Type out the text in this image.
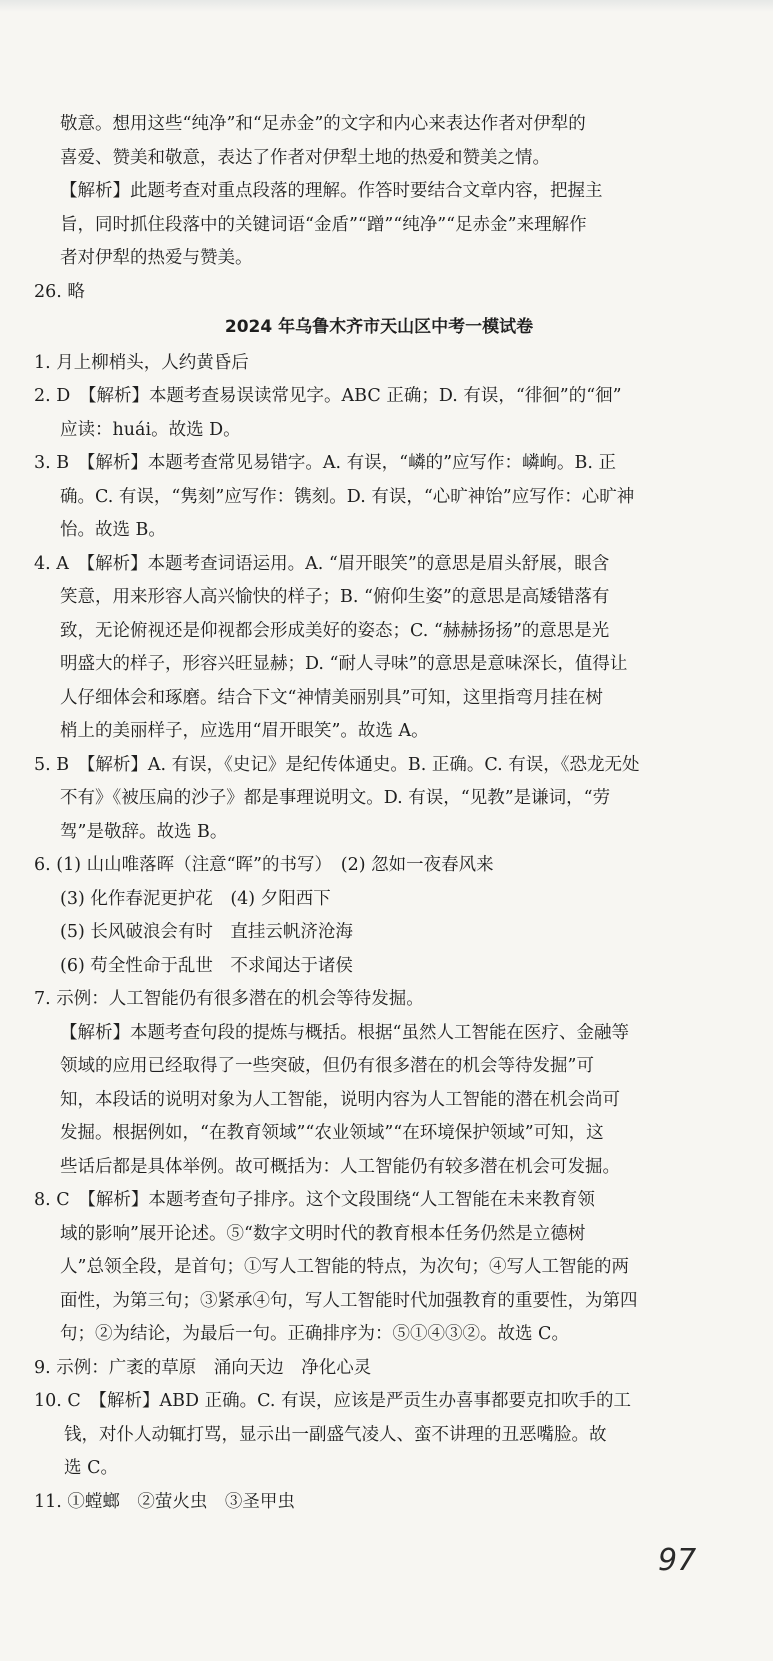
敬意。想用这些“纯净”和“足赤金”的文字和内心来表达作者对伊犁的
喜爱、赞美和敬意，表达了作者对伊犁土地的热爱和赞美之情。
【解析】此题考查对重点段落的理解。作答时要结合文章内容，把握主
旨，同时抓住段落中的关键词语“金盾”“蹭”“纯净”“足赤金”来理解作
者对伊犁的热爱与赞美。
26. 略
2024 年乌鲁木齐市天山区中考一模试卷
1. 月上柳梢头，人约黄昏后
2. D　【解析】本题考查易误读常见字。ABC 正确；D. 有误，“徘徊”的“徊”
应读：huái。故选 D。
3. B　【解析】本题考查常见易错字。A. 有误，“嶙的”应写作：嶙峋。B. 正
确。C. 有误，“隽刻”应写作：镌刻。D. 有误，“心旷神饴”应写作：心旷神
怡。故选 B。
4. A　【解析】本题考查词语运用。A. “眉开眼笑”的意思是眉头舒展，眼含
笑意，用来形容人高兴愉快的样子；B. “俯仰生姿”的意思是高矮错落有
致，无论俯视还是仰视都会形成美好的姿态；C. “赫赫扬扬”的意思是光
明盛大的样子，形容兴旺显赫；D. “耐人寻味”的意思是意味深长，值得让
人仔细体会和琢磨。结合下文“神情美丽别具”可知，这里指弯月挂在树
梢上的美丽样子，应选用“眉开眼笑”。故选 A。
5. B　【解析】A. 有误，《史记》是纪传体通史。B. 正确。C. 有误，《恐龙无处
不有》《被压扁的沙子》都是事理说明文。D. 有误，“见教”是谦词，“劳
驾”是敬辞。故选 B。
6. (1) 山山唯落晖（注意“晖”的书写）　(2) 忽如一夜春风来
(3) 化作春泥更护花　(4) 夕阳西下
(5) 长风破浪会有时　直挂云帆济沧海
(6) 苟全性命于乱世　不求闻达于诸侯
7. 示例：人工智能仍有很多潜在的机会等待发掘。
【解析】本题考查句段的提炼与概括。根据“虽然人工智能在医疗、金融等
领域的应用已经取得了一些突破，但仍有很多潜在的机会等待发掘”可
知，本段话的说明对象为人工智能，说明内容为人工智能的潜在机会尚可
发掘。根据例如，“在教育领域”“农业领域”“在环境保护领域”可知，这
些话后都是具体举例。故可概括为：人工智能仍有较多潜在机会可发掘。
8. C　【解析】本题考查句子排序。这个文段围绕“人工智能在未来教育领
域的影响”展开论述。⑤“数字文明时代的教育根本任务仍然是立德树
人”总领全段，是首句；①写人工智能的特点，为次句；④写人工智能的两
面性，为第三句；③紧承④句，写人工智能时代加强教育的重要性，为第四
句；②为结论，为最后一句。正确排序为：⑤①④③②。故选 C。
9. 示例：广袤的草原　涌向天边　净化心灵
10. C　【解析】ABD 正确。C. 有误，应该是严贡生办喜事都要克扣吹手的工
钱，对仆人动辄打骂，显示出一副盛气凌人、蛮不讲理的丑恶嘴脸。故
选 C。
11. ①螳螂　②萤火虫　③圣甲虫
97
